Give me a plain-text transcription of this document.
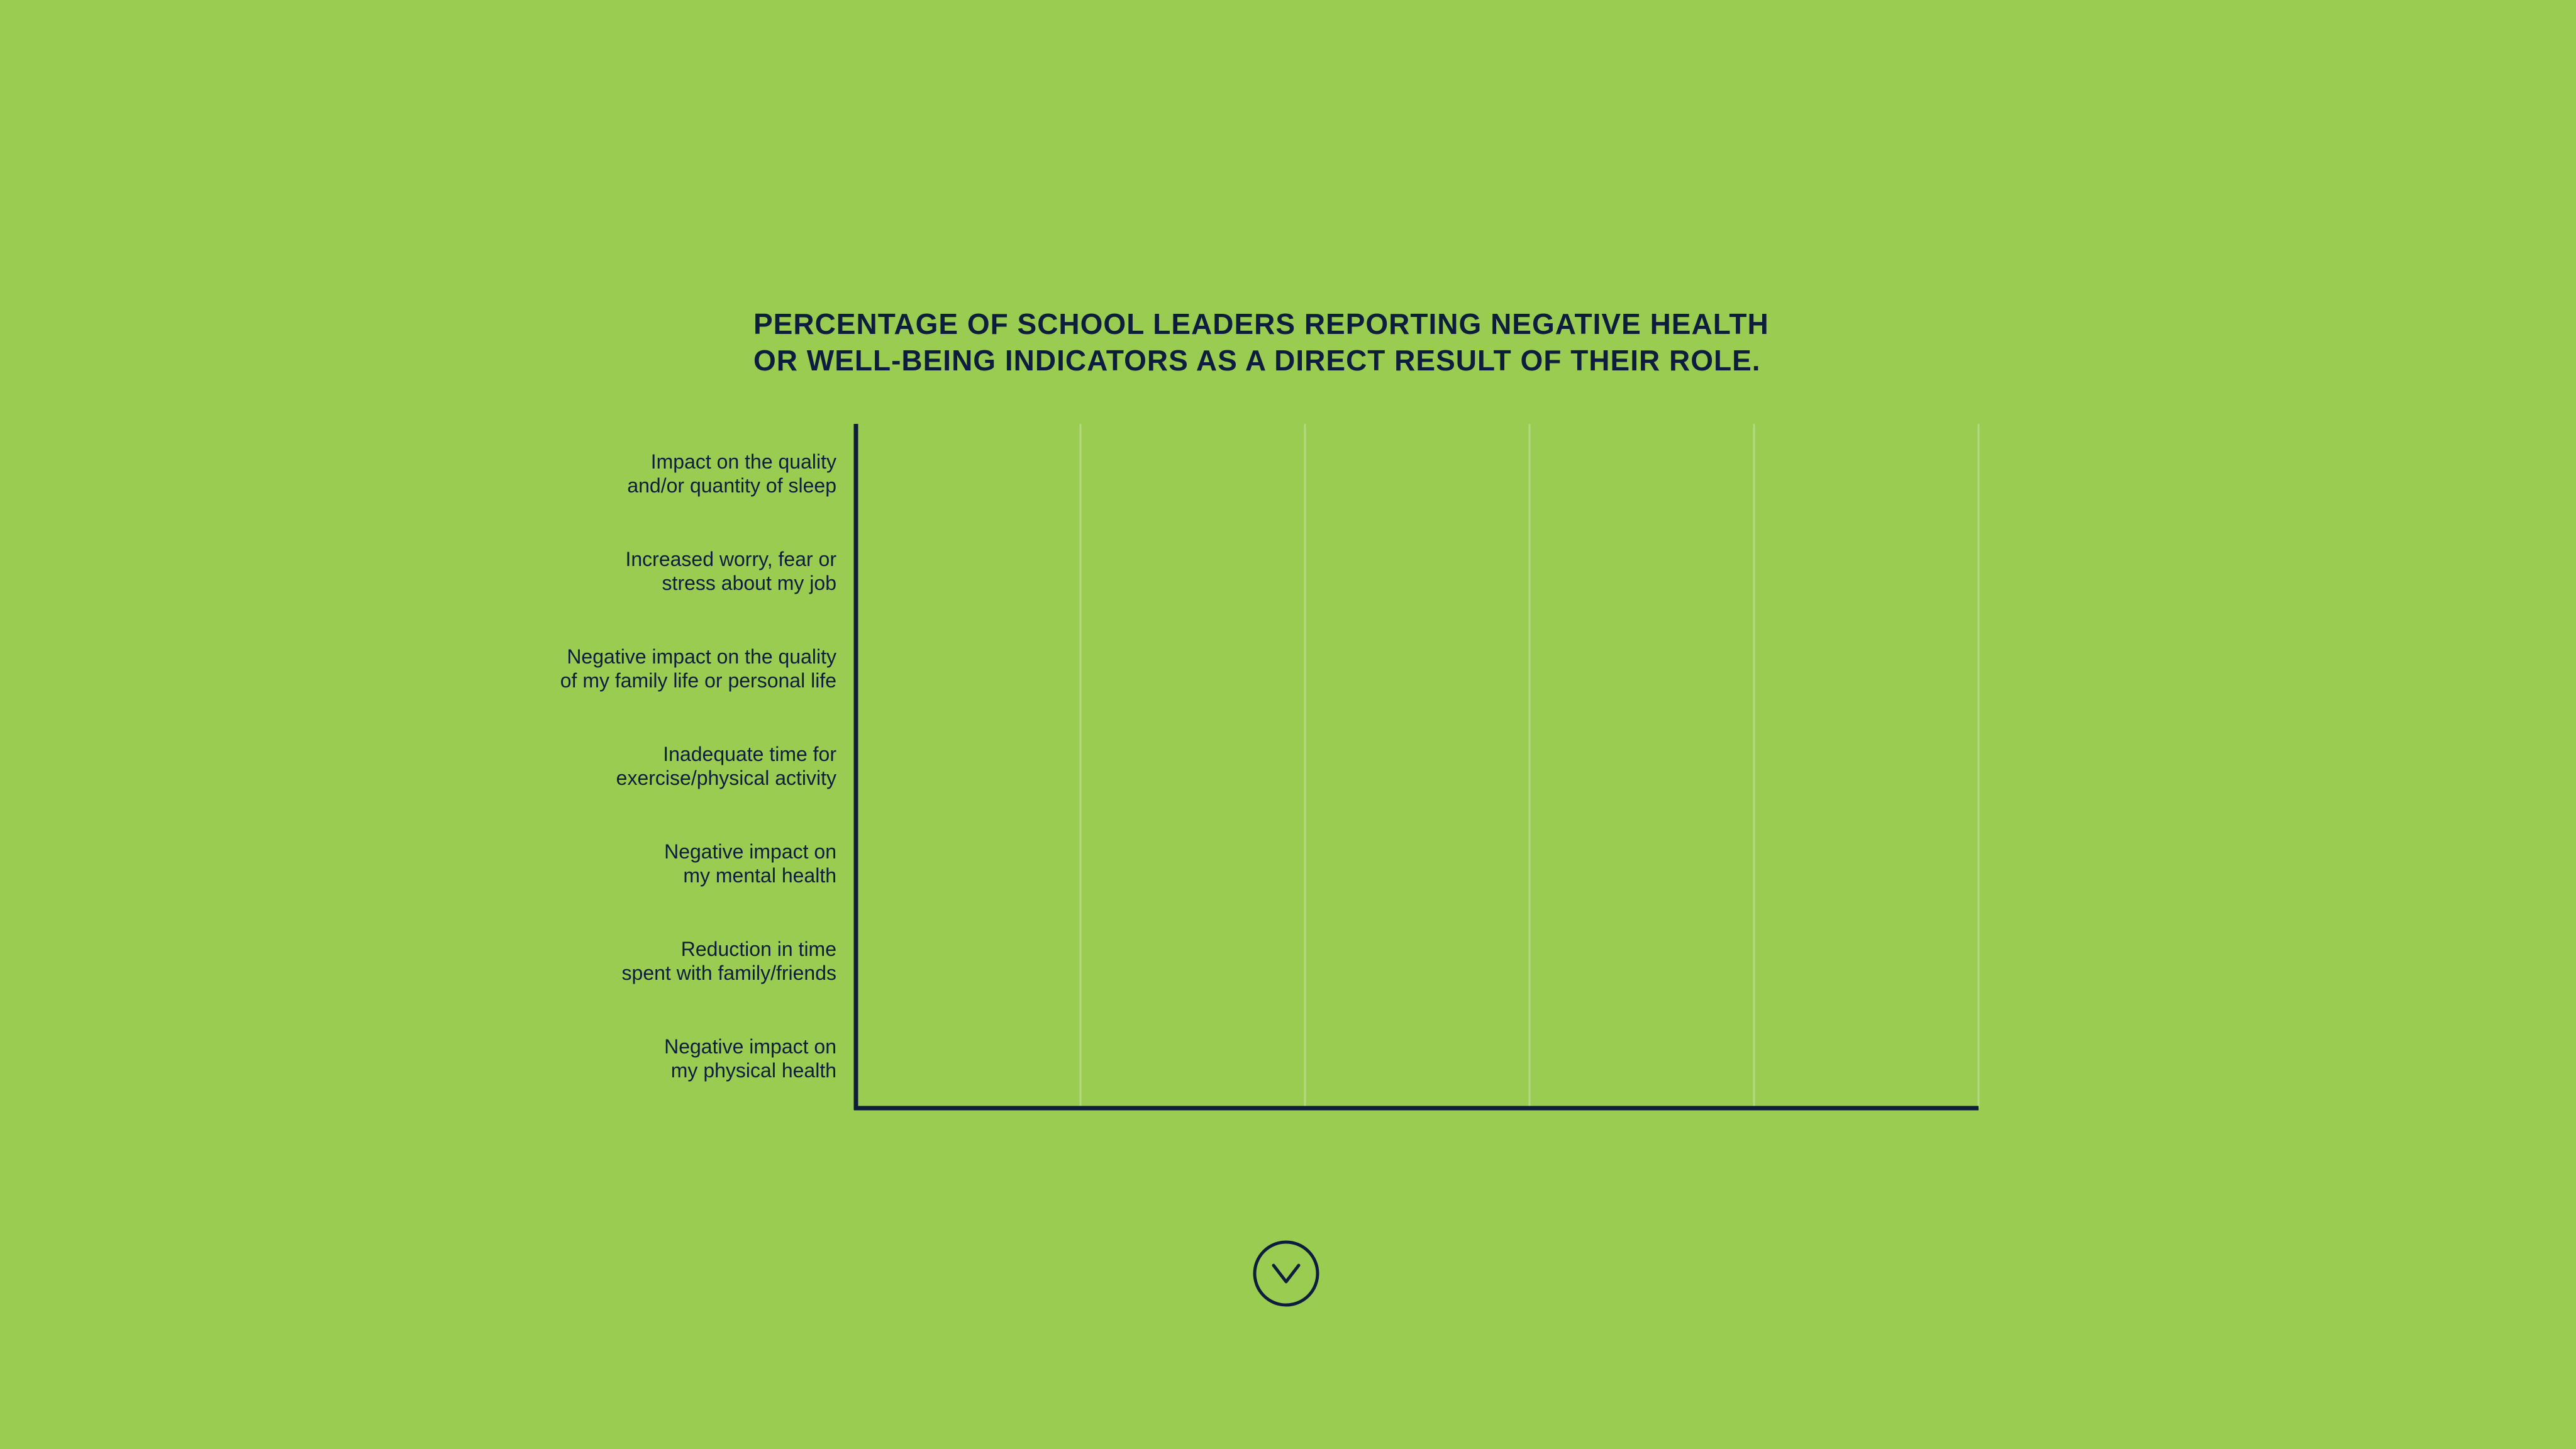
PERCENTAGE OF SCHOOL LEADERS REPORTING NEGATIVE HEALTH
OR WELL-BEING INDICATORS AS A DIRECT RESULT OF THEIR ROLE.
Impact on the quality and/or quantity of sleep
Increased worry, fear or stress about my job
Negative impact on the quality of my family life or personal life
Inadequate time for exercise/physical activity
Negative impact on my mental health
Reduction in time spent with family/friends
Negative impact on my physical health
